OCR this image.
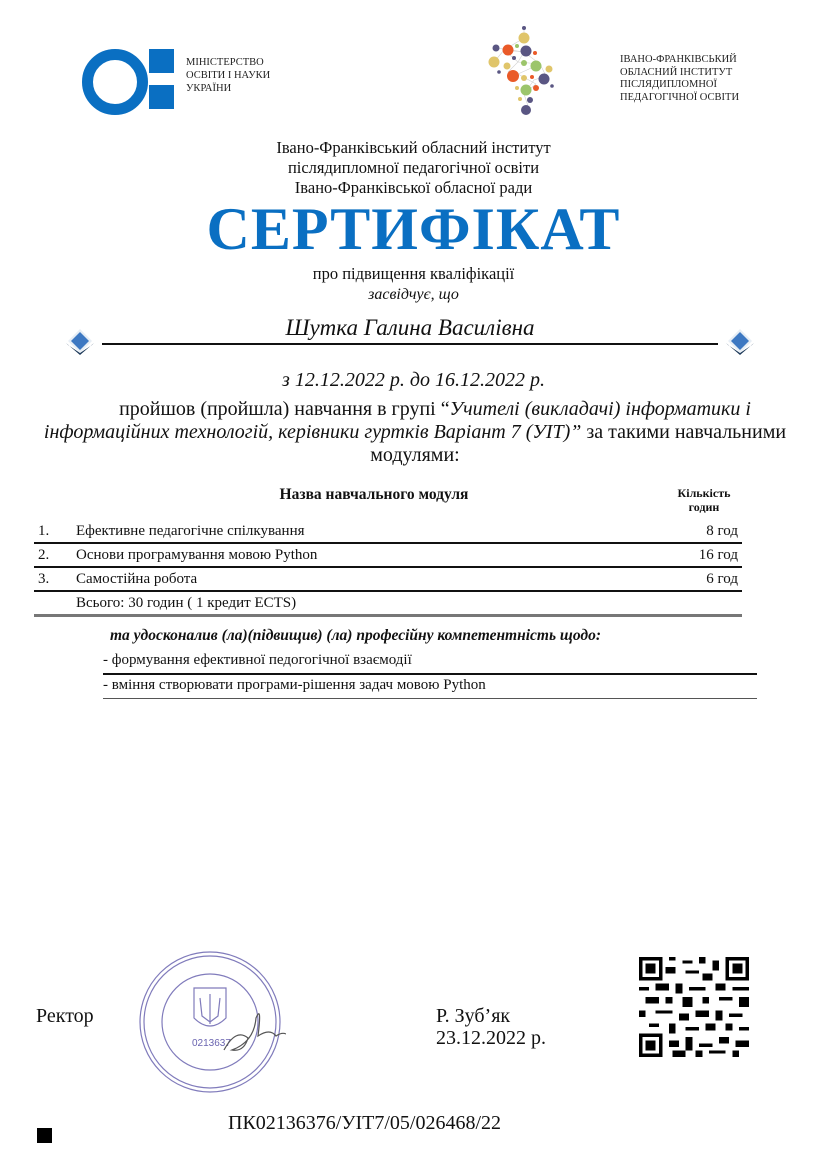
МІНІСТЕРСТВО
ОСВІТИ І НАУКИ
УКРАЇНИ
ІВАНО-ФРАНКІВСЬКИЙ
ОБЛАСНИЙ ІНСТИТУТ
ПІСЛЯДИПЛОМНОЇ
ПЕДАГОГІЧНОЇ ОСВІТИ
Івано-Франківський обласний інститут
післядипломної педагогічної освіти
Івано-Франківської обласної ради
СЕРТИФІКАТ
про підвищення кваліфікації
засвідчує, що
Шутка Галина Василівна
з 12.12.2022 р. до 16.12.2022 р.
пройшов (пройшла) навчання в групі “Учителі (викладачі) інформатики і інформаційних технологій, керівники гуртків Варіант 7 (УІТ)” за такими навчальними модулями:
Назва навчального модуля	Кількість годин
1. Ефективне педагогічне спілкування	8 год
2. Основи програмування мовою Python	16 год
3. Самостійна робота	6 год
Всього: 30 годин ( 1 кредит ECTS)
та удосконалив (ла)(підвищив) (ла) професійну компетентність щодо:
- формування ефективної педогогічної взаємодії
- вміння створювати програми-рішення задач мовою Python
Ректор
0213637
Р. Зуб’як
23.12.2022 р.
ПК02136376/УІТ7/05/026468/22
